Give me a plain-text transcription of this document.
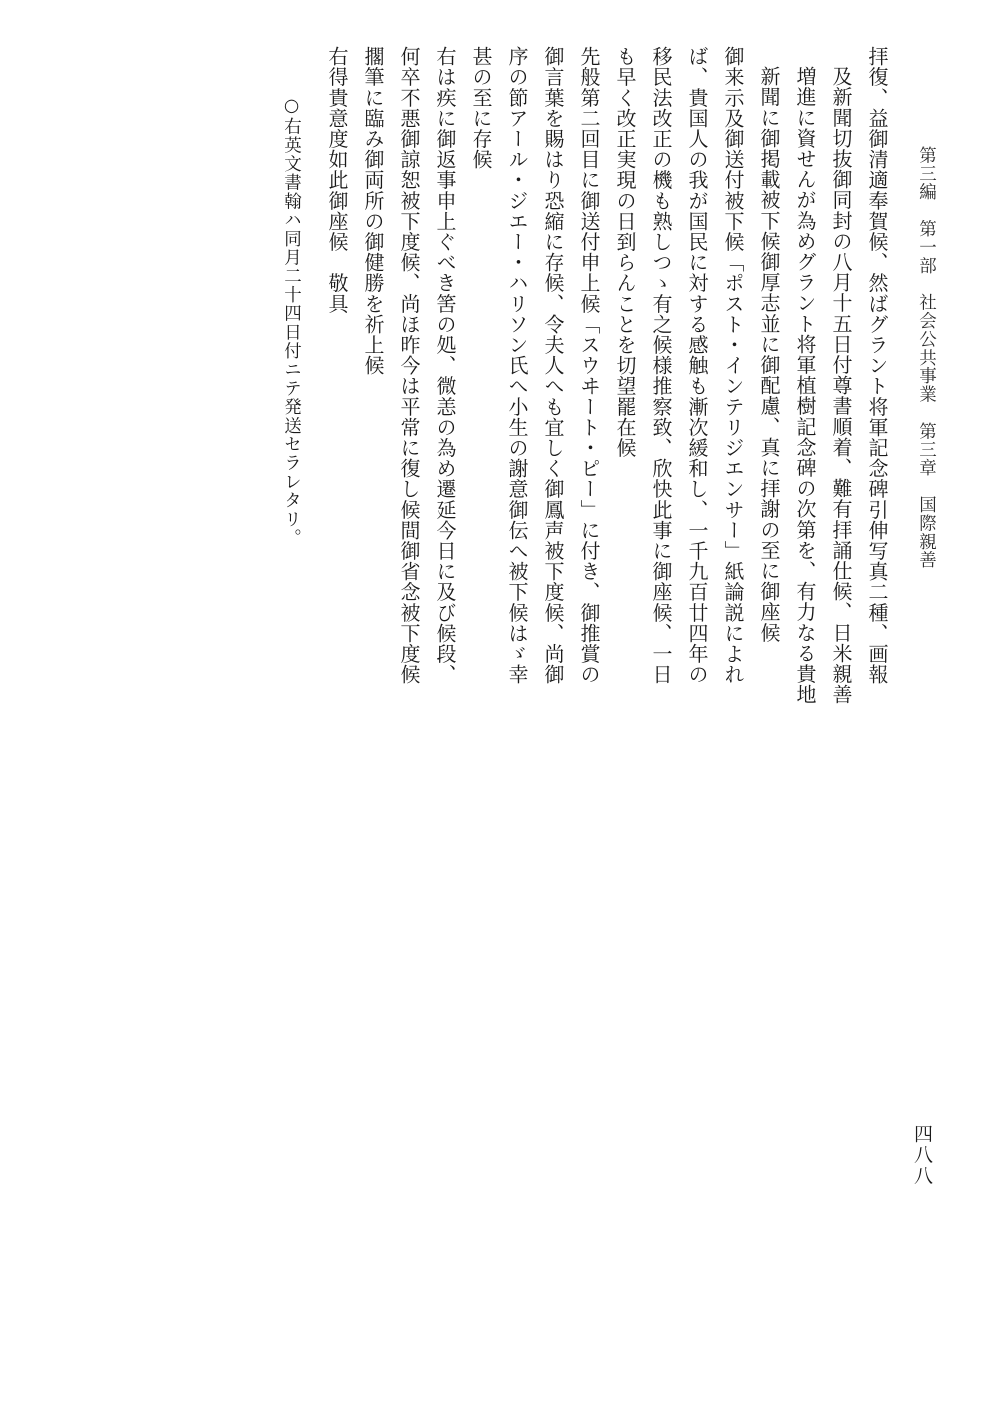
第三編　第一部　社会公共事業　第三章　国際親善
拝復、益御清適奉賀候、然ばグラント将軍記念碑引伸写真二種、画報
及新聞切抜御同封の八月十五日付尊書順着、難有拝誦仕候、日米親善
増進に資せんが為めグラント将軍植樹記念碑の次第を、有力なる貴地
新聞に御掲載被下候御厚志並に御配慮、真に拝謝の至に御座候
御来示及御送付被下候「ポスト・インテリジエンサー」紙論説によれ
ば、貴国人の我が国民に対する感触も漸次緩和し、一千九百廿四年の
移民法改正の機も熟しつゝ有之候様推察致、欣快此事に御座候、一日
も早く改正実現の日到らんことを切望罷在候
先般第二回目に御送付申上候「スウヰート・ピー」に付き、御推賞の
御言葉を賜はり恐縮に存候、令夫人へも宜しく御鳳声被下度候、尚御
序の節アール・ジエー・ハリソン氏へ小生の謝意御伝へ被下候はゞ幸
甚の至に存候
右は疾に御返事申上ぐべき筈の処、微恙の為め遷延今日に及び候段、
何卒不悪御諒恕被下度候、尚ほ昨今は平常に復し候間御省念被下度候
擱筆に臨み御両所の御健勝を祈上候
右得貴意度如此御座候　敬具
○右英文書翰ハ同月二十四日付ニテ発送セラレタリ。
四八八
